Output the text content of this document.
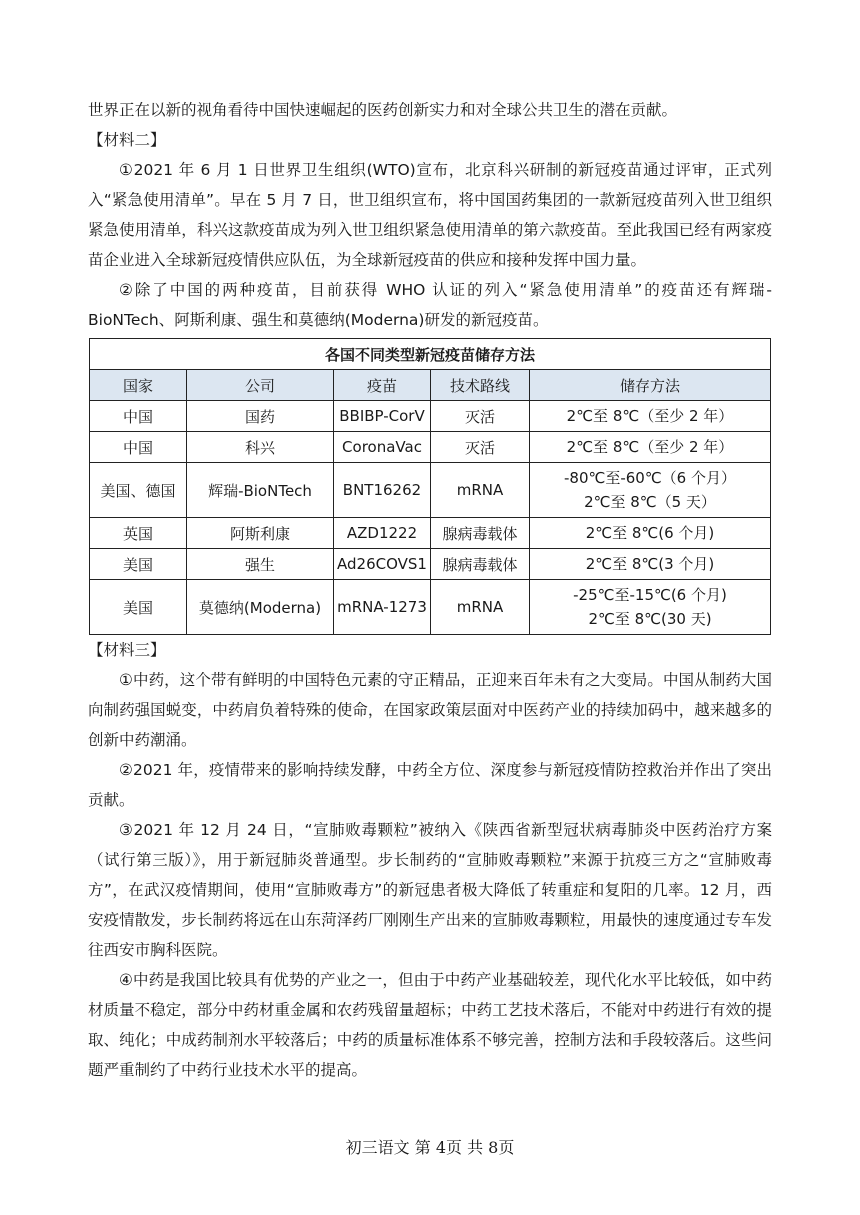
世界正在以新的视角看待中国快速崛起的医药创新实力和对全球公共卫生的潜在贡献。

【材料二】

①2021 年 6 月 1 日世界卫生组织(WTO)宣布，北京科兴研制的新冠疫苗通过评审，正式列入“紧急使用清单”。早在 5 月 7 日，世卫组织宣布，将中国国药集团的一款新冠疫苗列入世卫组织紧急使用清单，科兴这款疫苗成为列入世卫组织紧急使用清单的第六款疫苗。至此我国已经有两家疫苗企业进入全球新冠疫情供应队伍，为全球新冠疫苗的供应和接种发挥中国力量。

②除了中国的两种疫苗，目前获得 WHO 认证的列入“紧急使用清单”的疫苗还有辉瑞-BioNTech、阿斯利康、强生和莫德纳(Moderna)研发的新冠疫苗。

各国不同类型新冠疫苗储存方法				
国家	公司	疫苗	技术路线	储存方法
中国	国药	BBIBP-CorV	灭活	2℃至 8℃（至少 2 年）

中国	科兴	CoronaVac	灭活	2℃至 8℃（至少 2 年）

美国、德国	辉瑞-BioNTech	BNT16262	mRNA	-80℃至-60℃（6 个月）
2℃至 8℃（5 天）

英国	阿斯利康	AZD1222	腺病毒载体	2℃至 8℃(6 个月)

美国	强生	Ad26COVS1	腺病毒载体	2℃至 8℃(3 个月)

美国	莫德纳(Moderna)	mRNA-1273	mRNA	-25℃至-15℃(6 个月)
2℃至 8℃(30 天)

【材料三】

①中药，这个带有鲜明的中国特色元素的守正精品，正迎来百年未有之大变局。中国从制药大国向制药强国蜕变，中药肩负着特殊的使命，在国家政策层面对中医药产业的持续加码中，越来越多的创新中药潮涌。

②2021 年，疫情带来的影响持续发酵，中药全方位、深度参与新冠疫情防控救治并作出了突出贡献。

③2021 年 12 月 24 日，“宣肺败毒颗粒”被纳入《陕西省新型冠状病毒肺炎中医药治疗方案（试行第三版）》，用于新冠肺炎普通型。步长制药的“宣肺败毒颗粒”来源于抗疫三方之“宣肺败毒方”，在武汉疫情期间，使用“宣肺败毒方”的新冠患者极大降低了转重症和复阳的几率。12 月，西安疫情散发，步长制药将远在山东菏泽药厂刚刚生产出来的宣肺败毒颗粒，用最快的速度通过专车发往西安市胸科医院。

④中药是我国比较具有优势的产业之一，但由于中药产业基础较差，现代化水平比较低，如中药材质量不稳定，部分中药材重金属和农药残留量超标；中药工艺技术落后，不能对中药进行有效的提取、纯化；中成药制剂水平较落后；中药的质量标准体系不够完善，控制方法和手段较落后。这些问题严重制约了中药行业技术水平的提高。

初三语文 第 4页 共 8页
